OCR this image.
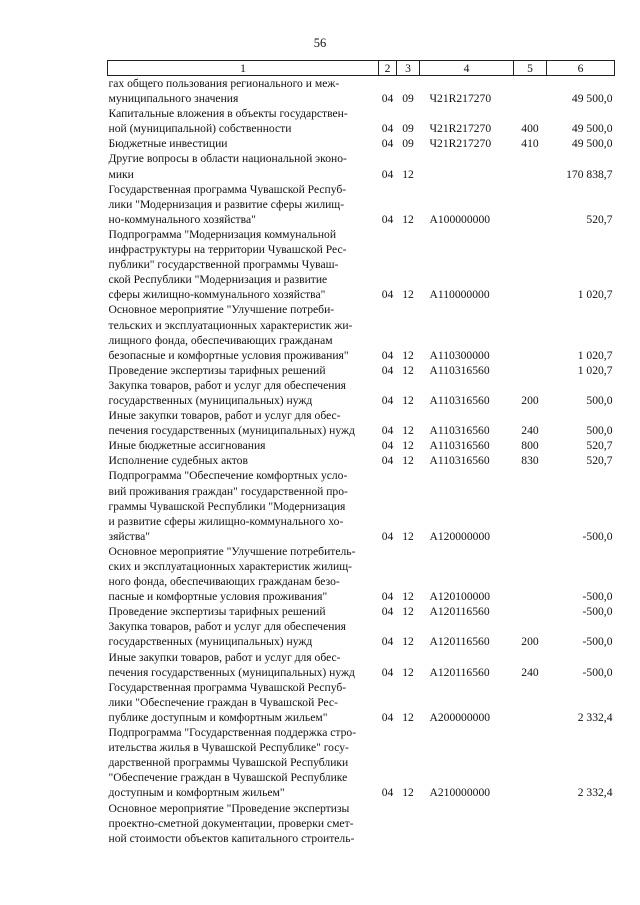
56
1	2	3	4	5	6
гах общего пользования регионального и меж-
муниципального значения	04	09	Ч21R217270		49 500,0
Капитальные вложения в объекты государствен-
ной (муниципальной) собственности	04	09	Ч21R217270	400	49 500,0
Бюджетные инвестиции	04	09	Ч21R217270	410	49 500,0
Другие вопросы в области национальной эконо-
мики	04	12			170 838,7
Государственная программа Чувашской Респуб-
лики "Модернизация и развитие сферы жилищ-
но-коммунального хозяйства"	04	12	A100000000		520,7
Подпрограмма "Модернизация коммунальной
инфраструктуры на территории Чувашской Рес-
публики" государственной программы Чуваш-
ской Республики "Модернизация и развитие
сферы жилищно-коммунального хозяйства"	04	12	A110000000		1 020,7
Основное мероприятие "Улучшение потреби-
тельских и эксплуатационных характеристик жи-
лищного фонда, обеспечивающих гражданам
безопасные и комфортные условия проживания"	04	12	A110300000		1 020,7
Проведение экспертизы тарифных решений	04	12	A110316560		1 020,7
Закупка товаров, работ и услуг для обеспечения
государственных (муниципальных) нужд	04	12	A110316560	200	500,0
Иные закупки товаров, работ и услуг для обес-
печения государственных (муниципальных) нужд	04	12	A110316560	240	500,0
Иные бюджетные ассигнования	04	12	A110316560	800	520,7
Исполнение судебных актов	04	12	A110316560	830	520,7
Подпрограмма "Обеспечение комфортных усло-
вий проживания граждан" государственной про-
граммы Чувашской Республики "Модернизация
и развитие сферы жилищно-коммунального хо-
зяйства"	04	12	A120000000		-500,0
Основное мероприятие "Улучшение потребитель-
ских и эксплуатационных характеристик жилищ-
ного фонда, обеспечивающих гражданам безо-
пасные и комфортные условия проживания"	04	12	A120100000		-500,0
Проведение экспертизы тарифных решений	04	12	A120116560		-500,0
Закупка товаров, работ и услуг для обеспечения
государственных (муниципальных) нужд	04	12	A120116560	200	-500,0
Иные закупки товаров, работ и услуг для обес-
печения государственных (муниципальных) нужд	04	12	A120116560	240	-500,0
Государственная программа Чувашской Респуб-
лики "Обеспечение граждан в Чувашской Рес-
публике доступным и комфортным жильем"	04	12	A200000000		2 332,4
Подпрограмма "Государственная поддержка стро-
ительства жилья в Чувашской Республике" госу-
дарственной программы Чувашской Республики
"Обеспечение граждан в Чувашской Республике
доступным и комфортным жильем"	04	12	A210000000		2 332,4
Основное мероприятие "Проведение экспертизы
проектно-сметной документации, проверки смет-
ной стоимости объектов капитального строитель-					
